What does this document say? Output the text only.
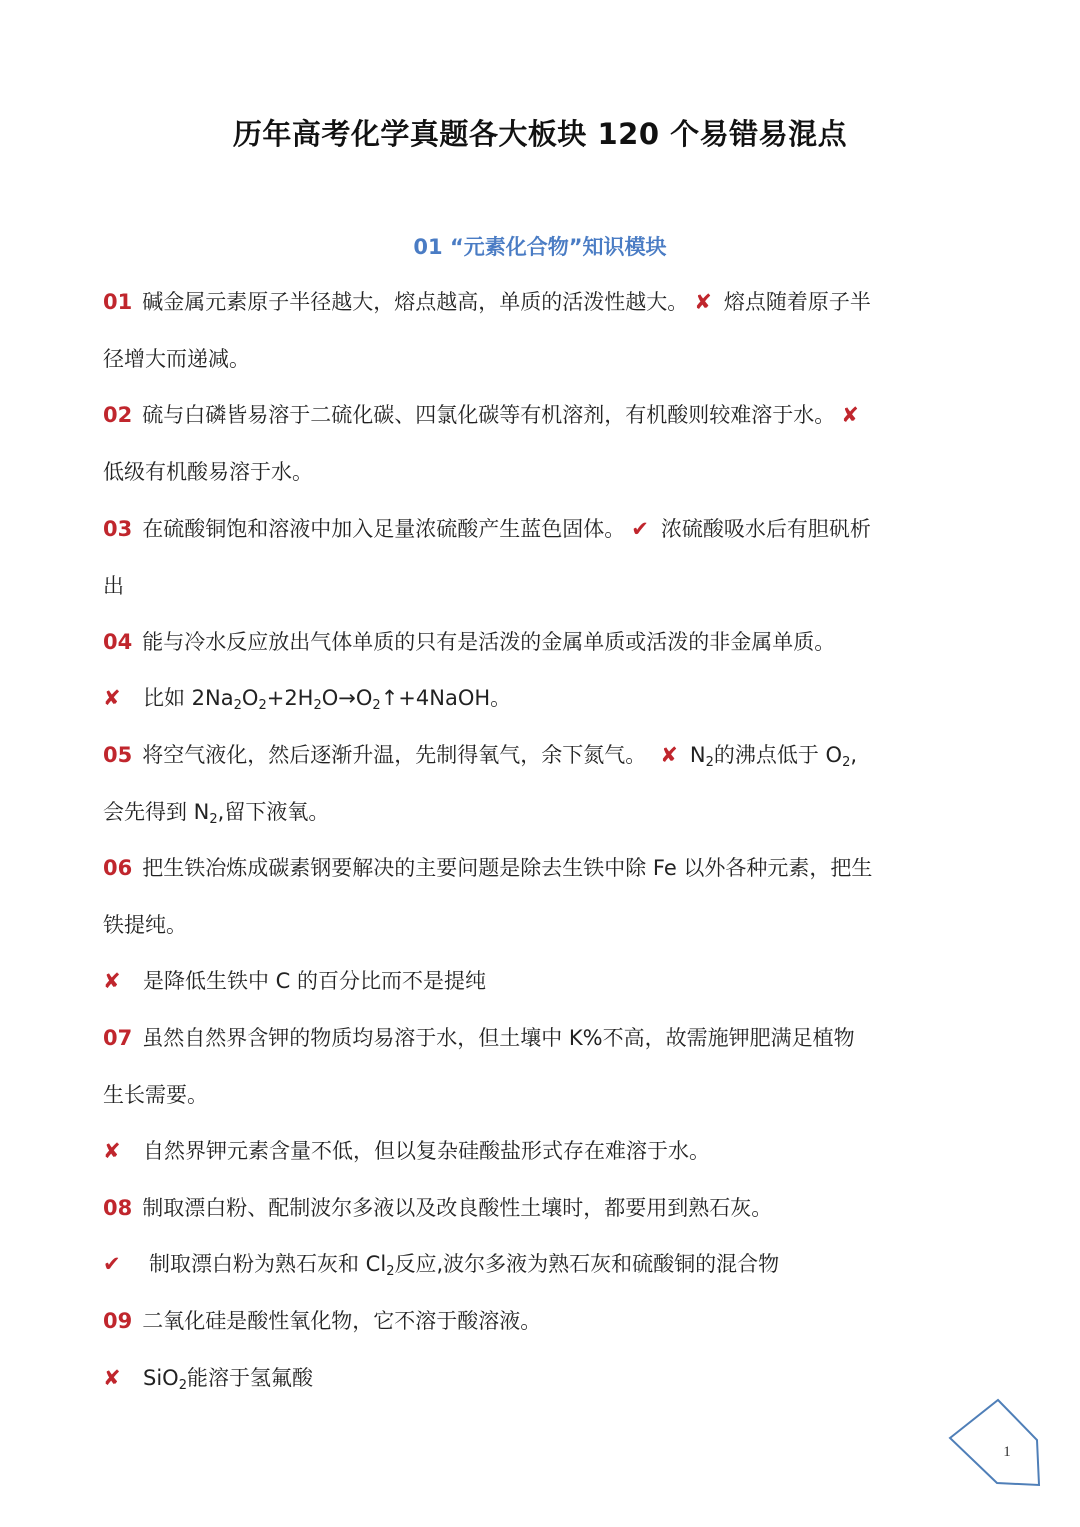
历年高考化学真题各大板块 120 个易错易混点
01 “元素化合物”知识模块
01 碱金属元素原子半径越大，熔点越高，单质的活泼性越大。 ✘ 熔点随着原子半
径增大而递减。
02 硫与白磷皆易溶于二硫化碳、四氯化碳等有机溶剂，有机酸则较难溶于水。 ✘
低级有机酸易溶于水。
03 在硫酸铜饱和溶液中加入足量浓硫酸产生蓝色固体。 ✔ 浓硫酸吸水后有胆矾析
出
04 能与冷水反应放出气体单质的只有是活泼的金属单质或活泼的非金属单质。
✘ 比如 $2Na_2O_2+2H_2O\to O_2↑+4NaOH$。
05 将空气液化，然后逐渐升温，先制得氧气，余下氮气。 ✘ $N_2$的沸点低于 $O_2$,
会先得到 $N_2$,留下液氧。
06 把生铁冶炼成碳素钢要解决的主要问题是除去生铁中除 Fe 以外各种元素，把生
铁提纯。
✘ 是降低生铁中 C 的百分比而不是提纯
07 虽然自然界含钾的物质均易溶于水，但土壤中 K%不高，故需施钾肥满足植物
生长需要。
✘ 自然界钾元素含量不低，但以复杂硅酸盐形式存在难溶于水。
08 制取漂白粉、配制波尔多液以及改良酸性土壤时，都要用到熟石灰。
✔ 制取漂白粉为熟石灰和 $Cl_2$反应,波尔多液为熟石灰和硫酸铜的混合物
09 二氧化硅是酸性氧化物，它不溶于酸溶液。
✘ SiO$_2$能溶于氢氟酸
1
